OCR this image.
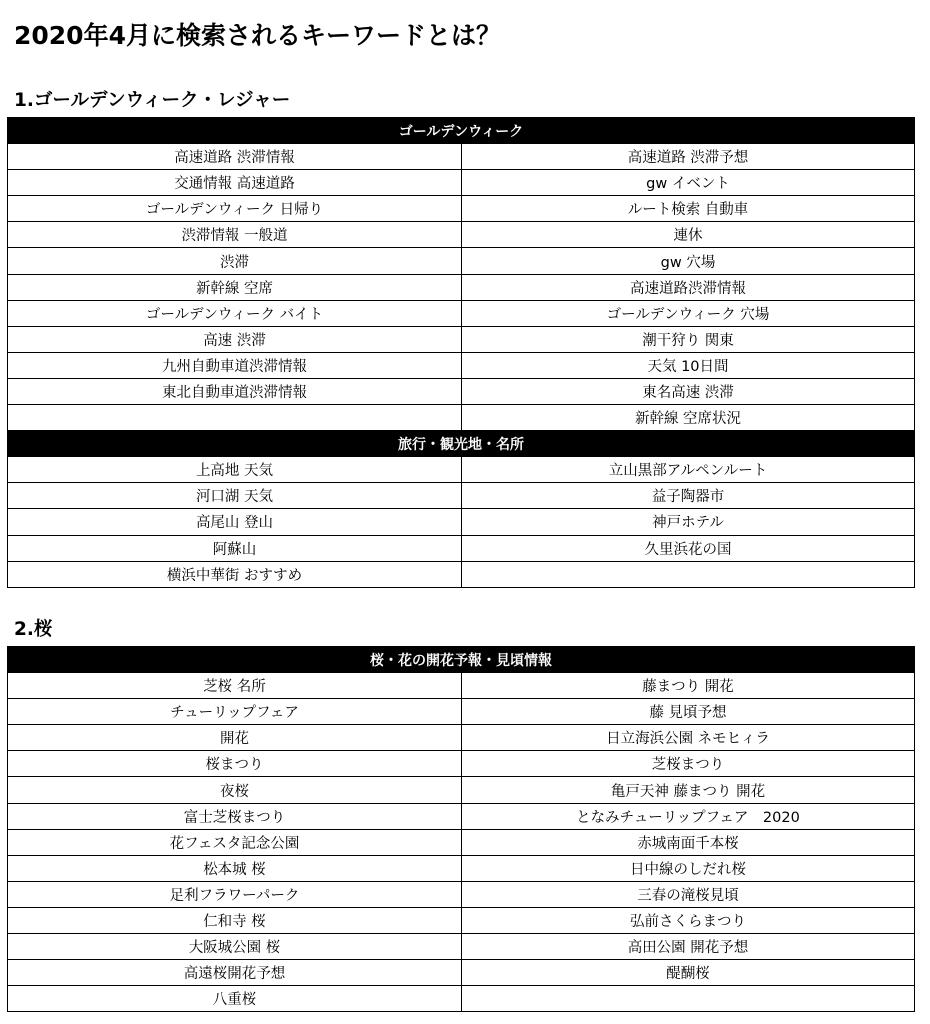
2020年4月に検索されるキーワードとは？
1.ゴールデンウィーク・レジャー
ゴールデンウィーク	
高速道路 渋滞情報	高速道路 渋滞予想
交通情報 高速道路	gw イベント
ゴールデンウィーク 日帰り	ルート検索 自動車
渋滞情報 一般道	連休
渋滞	gw 穴場
新幹線 空席	高速道路渋滞情報
ゴールデンウィーク バイト	ゴールデンウィーク 穴場
高速 渋滞	潮干狩り 関東
九州自動車道渋滞情報	天気 10日間
東北自動車道渋滞情報	東名高速 渋滞
	新幹線 空席状況
旅行・観光地・名所	
上高地 天気	立山黒部アルペンルート
河口湖 天気	益子陶器市
高尾山 登山	神戸ホテル
阿蘇山	久里浜花の国
横浜中華街 おすすめ	
2.桜
桜・花の開花予報・見頃情報	
芝桜 名所	藤まつり 開花
チューリップフェア	藤 見頃予想
開花	日立海浜公園 ネモヒィラ
桜まつり	芝桜まつり
夜桜	亀戸天神 藤まつり 開花
富士芝桜まつり	となみチューリップフェア　2020
花フェスタ記念公園	赤城南面千本桜
松本城 桜	日中線のしだれ桜
足利フラワーパーク	三春の滝桜見頃
仁和寺 桜	弘前さくらまつり
大阪城公園 桜	高田公園 開花予想
高遠桜開花予想	醍醐桜
八重桜	
